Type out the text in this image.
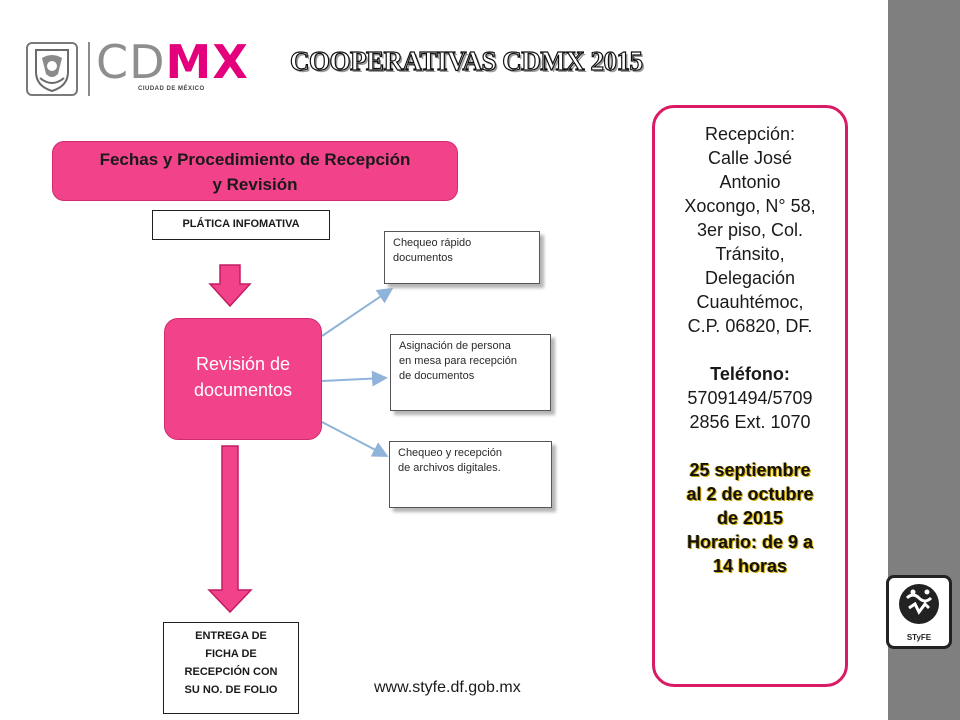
CDMX
CIUDAD DE MÉXICO
COOPERATIVAS CDMX 2015
Fechas y Procedimiento de Recepción
y Revisión
PLÁTICA INFOMATIVA
Revisión de
documentos
Chequeo rápido
documentos
Asignación de persona
en mesa para recepción
de documentos
Chequeo y recepción
de archivos digitales.
ENTREGA DE
FICHA DE
RECEPCIÓN CON
SU NO. DE FOLIO
Recepción:
Calle José
Antonio
Xocongo, N° 58,
3er piso, Col.
Tránsito,
Delegación
Cuauhtémoc,
C.P. 06820, DF.
Teléfono:
57091494/5709
2856 Ext. 1070
25 septiembre
al 2 de octubre
de 2015
Horario: de 9 a
14 horas
STyFE
www.styfe.df.gob.mx
